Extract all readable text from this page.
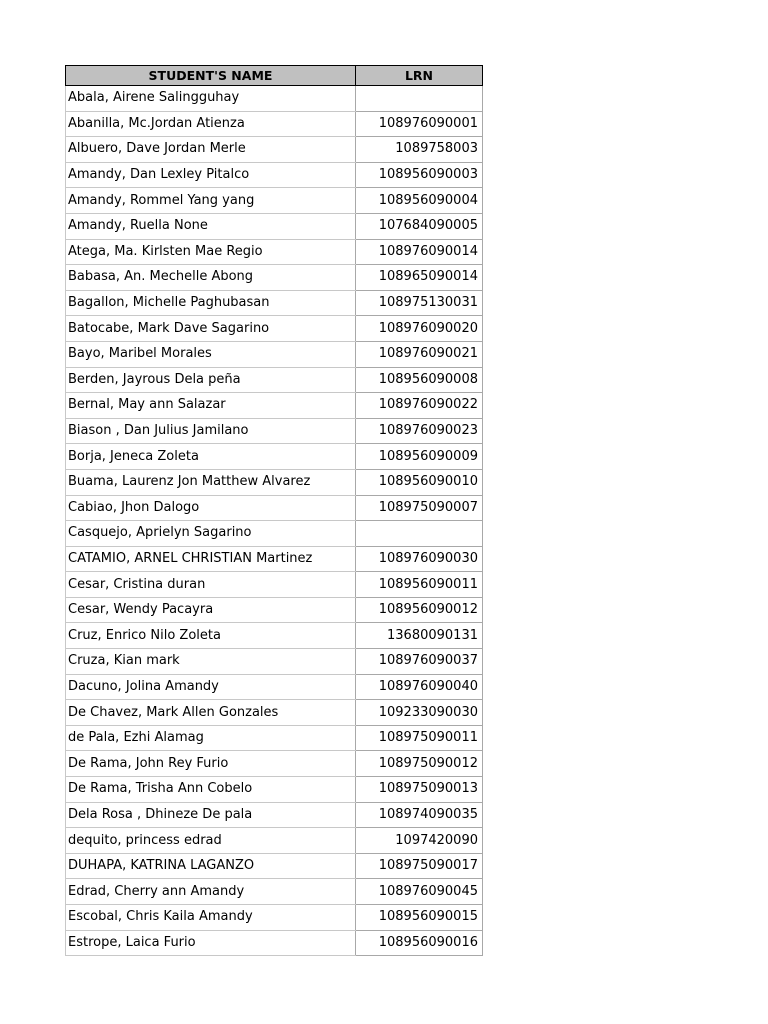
STUDENT'S NAME	LRN
Abala, Airene Salingguhay	
Abanilla, Mc.Jordan Atienza	108976090001
Albuero, Dave Jordan Merle	1089758003
Amandy, Dan Lexley Pitalco	108956090003
Amandy, Rommel Yang yang	108956090004
Amandy, Ruella None	107684090005
Atega, Ma. Kirlsten Mae Regio	108976090014
Babasa, An. Mechelle Abong	108965090014
Bagallon, Michelle Paghubasan	108975130031
Batocabe, Mark Dave Sagarino	108976090020
Bayo, Maribel Morales	108976090021
Berden, Jayrous Dela peña	108956090008
Bernal, May ann Salazar	108976090022
Biason , Dan Julius Jamilano	108976090023
Borja, Jeneca Zoleta	108956090009
Buama, Laurenz Jon Matthew Alvarez	108956090010
Cabiao, Jhon Dalogo	108975090007
Casquejo, Aprielyn Sagarino	
CATAMIO, ARNEL CHRISTIAN Martinez	108976090030
Cesar, Cristina duran	108956090011
Cesar, Wendy Pacayra	108956090012
Cruz, Enrico Nilo Zoleta	13680090131
Cruza, Kian mark	108976090037
Dacuno, Jolina Amandy	108976090040
De Chavez, Mark Allen Gonzales	109233090030
de Pala, Ezhi Alamag	108975090011
De Rama, John Rey Furio	108975090012
De Rama, Trisha Ann Cobelo	108975090013
Dela Rosa , Dhineze De pala	108974090035
dequito, princess edrad	1097420090
DUHAPA, KATRINA LAGANZO	108975090017
Edrad, Cherry ann Amandy	108976090045
Escobal, Chris Kaila Amandy	108956090015
Estrope, Laica Furio	108956090016
